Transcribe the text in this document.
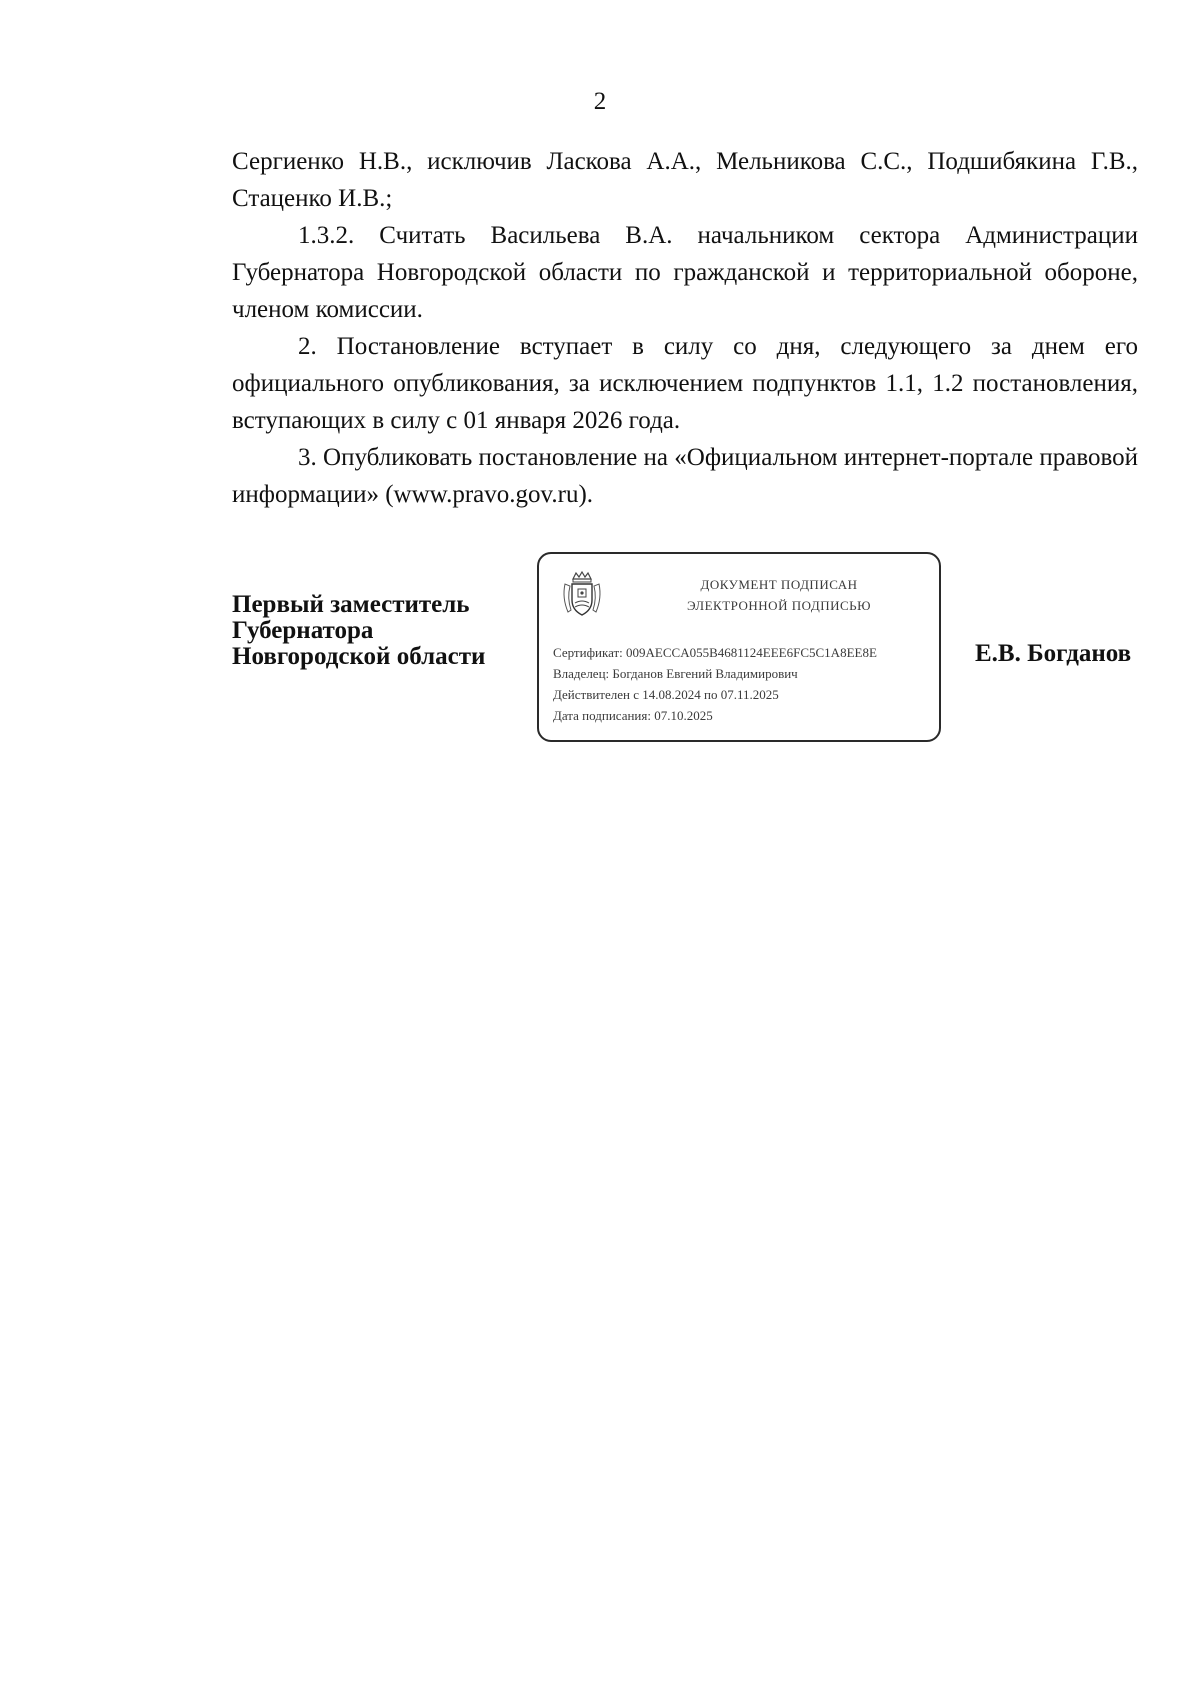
2

Сергиенко Н.В., исключив Ласкова А.А., Мельникова С.С., Подшибякина Г.В., Стаценко И.В.;

1.3.2. Считать Васильева В.А. начальником сектора Администрации Губернатора Новгородской области по гражданской и территориальной обороне, членом комиссии.

2. Постановление вступает в силу со дня, следующего за днем его официального опубликования, за исключением подпунктов 1.1, 1.2 постановления, вступающих в силу с 01 января 2026 года.

3. Опубликовать постановление на «Официальном интернет-портале правовой информации» (www.pravo.gov.ru).

Первый заместитель
Губернатора
Новгородской области
ДОКУМЕНТ ПОДПИСАН
ЭЛЕКТРОННОЙ ПОДПИСЬЮ
Сертификат: 009AECCA055B4681124EEE6FC5C1A8EE8E
Владелец: Богданов Евгений Владимирович
Действителен с 14.08.2024 по 07.11.2025
Дата подписания: 07.10.2025
Е.В. Богданов
